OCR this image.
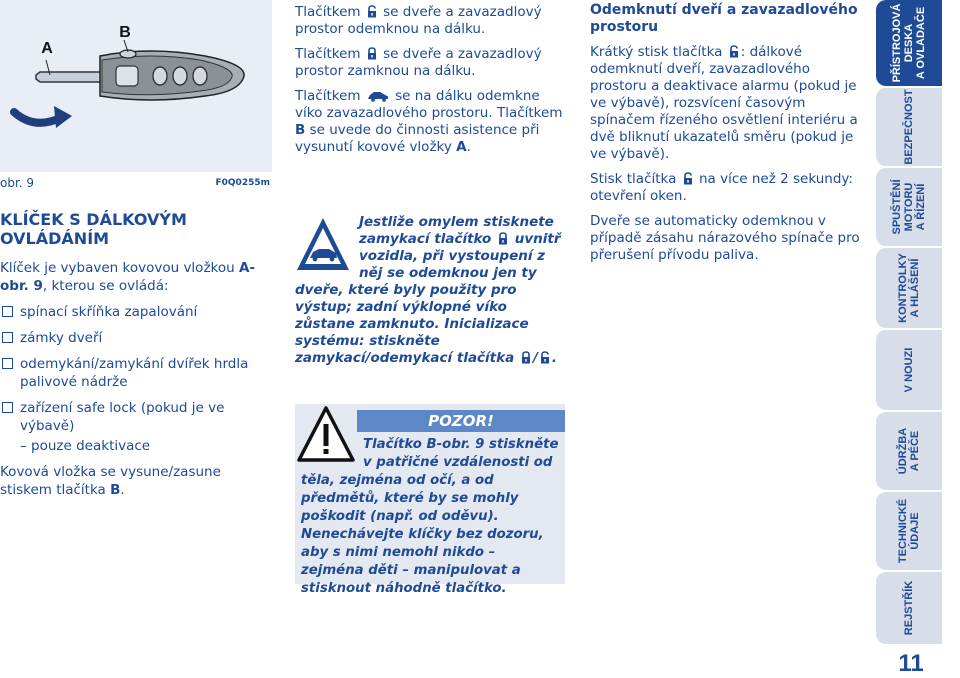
A
B
obr. 9	F0Q0255m
KLÍČEK S DÁLKOVÝM OVLÁDÁNÍM

Klíček je vybaven kovovou vložkou A-obr. 9, kterou se ovládá:

spínací skříňka zapalování

zámky dveří

odemykání/zamykání dvířek hrdla palivové nádrže

zařízení safe lock (pokud je ve výbavě)

– pouze deaktivace

Kovová vložka se vysune/zasune stiskem tlačítka B.

Tlačítkem se dveře a zavazadlový prostor odemknou na dálku.

Tlačítkem se dveře a zavazadlový prostor zamknou na dálku.

Tlačítkem	se na dálku odemkne víko zavazadlového prostoru. Tlačítkem B se uvede do činnosti asistence při vysunutí kovové vložky A.

Jestliže omylem stisknete zamykací tlačítko uvnitř vozidla, při vystoupení z něj se odemknou jen ty dveře, které byly použity pro výstup; zadní výklopné víko zůstane zamknuto. Inicializace systému: stiskněte zamykací/odemykací tlačítka / .
POZOR!
Tlačítko B-obr. 9 stiskněte v patřičné vzdálenosti od
těla, zejména od očí, a od předmětů, které by se mohly poškodit (např. od oděvu). Nenechávejte klíčky bez dozoru, aby s nimi nemohl nikdo – zejména děti – manipulovat a stisknout náhodně tlačítko.
Odemknutí dveří a zavazadlového prostoru

Krátký stisk tlačítka : dálkové odemknutí dveří, zavazadlového prostoru a deaktivace alarmu (pokud je ve výbavě), rozsvícení časovým spínačem řízeného osvětlení interiéru a dvě bliknutí ukazatelů směru (pokud je ve výbavě).

Stisk tlačítka na více než 2 sekundy: otevření oken.

Dveře se automaticky odemknou v případě zásahu nárazového spínače pro přerušení přívodu paliva.

PŘÍSTROJOVÁ
DESKA
A OVLADAČE
BEZPEČNOST
SPUŠTĚNÍ
MOTORU
A ŘÍZENÍ
KONTROLKY
A HLÁŠENÍ
V NOUZI
ÚDRŽBA
A PÉČE
TECHNICKÉ
ÚDAJE
REJSTŘÍK
11
